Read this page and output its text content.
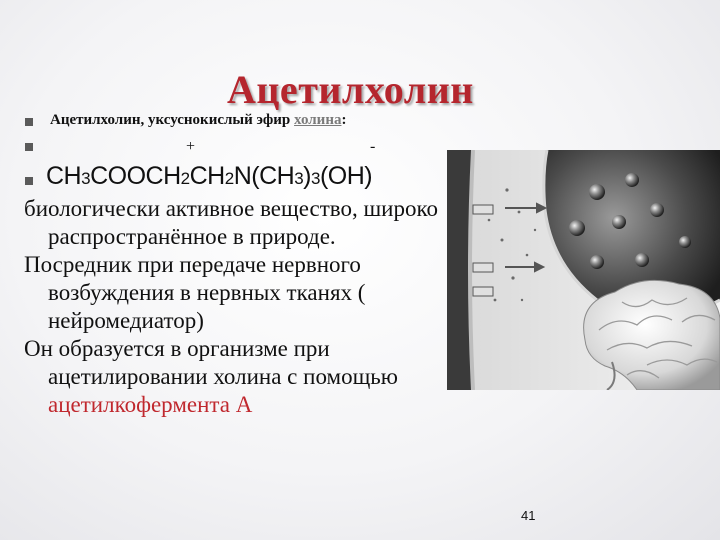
Ацетилхолин
Ацетилхолин, уксуснокислый эфир холина:
+	-
CH3COOCH2CH2N(CH3)3(OH)

биологически активное вещество, широко распространённое в природе.

Посредник при передаче нервного возбуждения в нервных тканях ( нейромедиатор)

Он образуется в организме при ацетилировании холина с помощью ацетилкофермента А

41
